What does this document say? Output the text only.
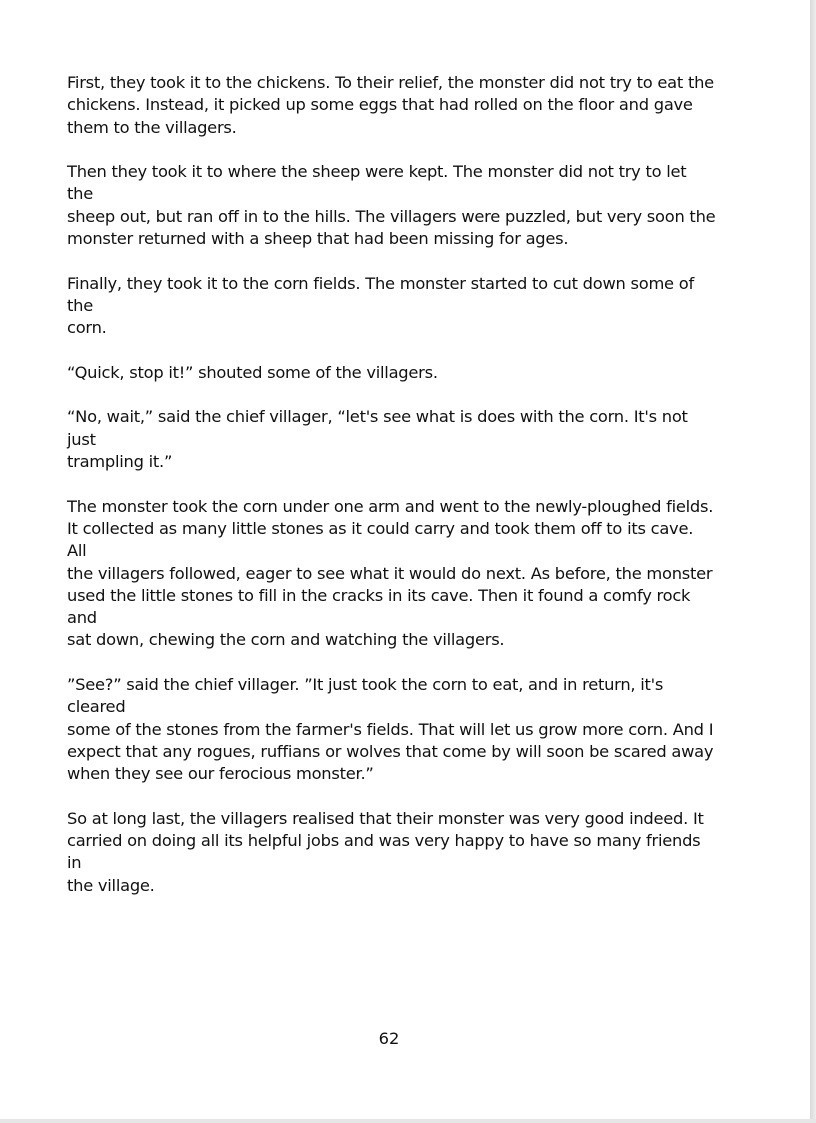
First, they took it to the chickens. To their relief, the monster did not try to eat the
chickens. Instead, it picked up some eggs that had rolled on the floor and gave
them to the villagers.

Then they took it to where the sheep were kept. The monster did not try to let the
sheep out, but ran off in to the hills. The villagers were puzzled, but very soon the
monster returned with a sheep that had been missing for ages.

Finally, they took it to the corn fields. The monster started to cut down some of the
corn.

“Quick, stop it!” shouted some of the villagers.

“No, wait,” said the chief villager, “let's see what is does with the corn. It's not just
trampling it.”

The monster took the corn under one arm and went to the newly-ploughed fields.
It collected as many little stones as it could carry and took them off to its cave. All
the villagers followed, eager to see what it would do next. As before, the monster
used the little stones to fill in the cracks in its cave. Then it found a comfy rock and
sat down, chewing the corn and watching the villagers.

”See?” said the chief villager. ”It just took the corn to eat, and in return, it's cleared
some of the stones from the farmer's fields. That will let us grow more corn. And I
expect that any rogues, ruffians or wolves that come by will soon be scared away
when they see our ferocious monster.”

So at long last, the villagers realised that their monster was very good indeed. It
carried on doing all its helpful jobs and was very happy to have so many friends in
the village.

62
